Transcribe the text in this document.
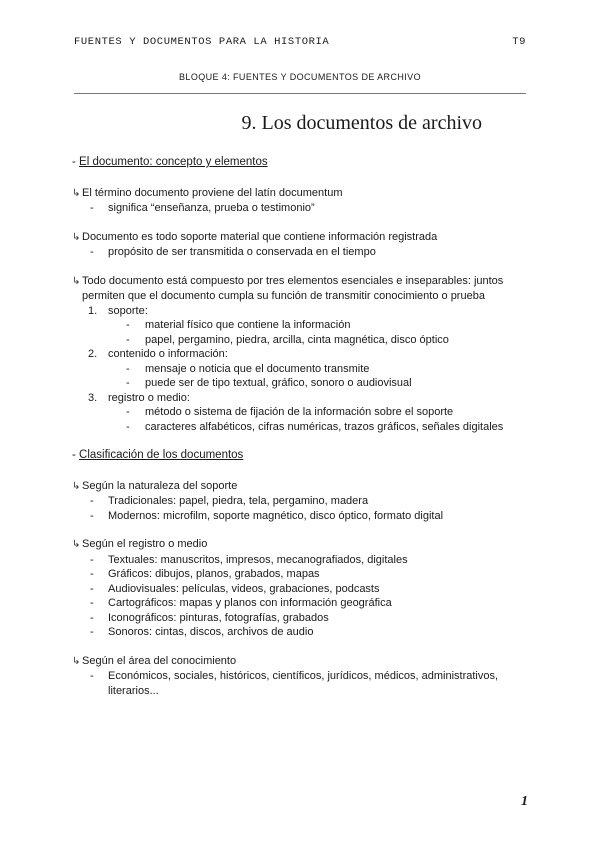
FUENTES Y DOCUMENTOS PARA LA HISTORIA	T9
BLOQUE 4: FUENTES Y DOCUMENTOS DE ARCHIVO
9. Los documentos de archivo
- El documento: concepto y elementos
↳ El término documento proviene del latín documentum
- significa “enseñanza, prueba o testimonio”
↳ Documento es todo soporte material que contiene información registrada
- propósito de ser transmitida o conservada en el tiempo
↳ Todo documento está compuesto por tres elementos esenciales e inseparables: juntos
permiten que el documento cumpla su función de transmitir conocimiento o prueba
1. soporte:
- material físico que contiene la información
- papel, pergamino, piedra, arcilla, cinta magnética, disco óptico
2. contenido o información:
- mensaje o noticia que el documento transmite
- puede ser de tipo textual, gráfico, sonoro o audiovisual
3. registro o medio:
- método o sistema de fijación de la información sobre el soporte
- caracteres alfabéticos, cifras numéricas, trazos gráficos, señales digitales
- Clasificación de los documentos
↳ Según la naturaleza del soporte
- Tradicionales: papel, piedra, tela, pergamino, madera
- Modernos: microfilm, soporte magnético, disco óptico, formato digital
↳ Según el registro o medio
- Textuales: manuscritos, impresos, mecanografiados, digitales
- Gráficos: dibujos, planos, grabados, mapas
- Audiovisuales: películas, videos, grabaciones, podcasts
- Cartográficos: mapas y planos con información geográfica
- Iconográficos: pinturas, fotografías, grabados
- Sonoros: cintas, discos, archivos de audio
↳ Según el área del conocimiento
- Económicos, sociales, históricos, científicos, jurídicos, médicos, administrativos,
literarios...
1
